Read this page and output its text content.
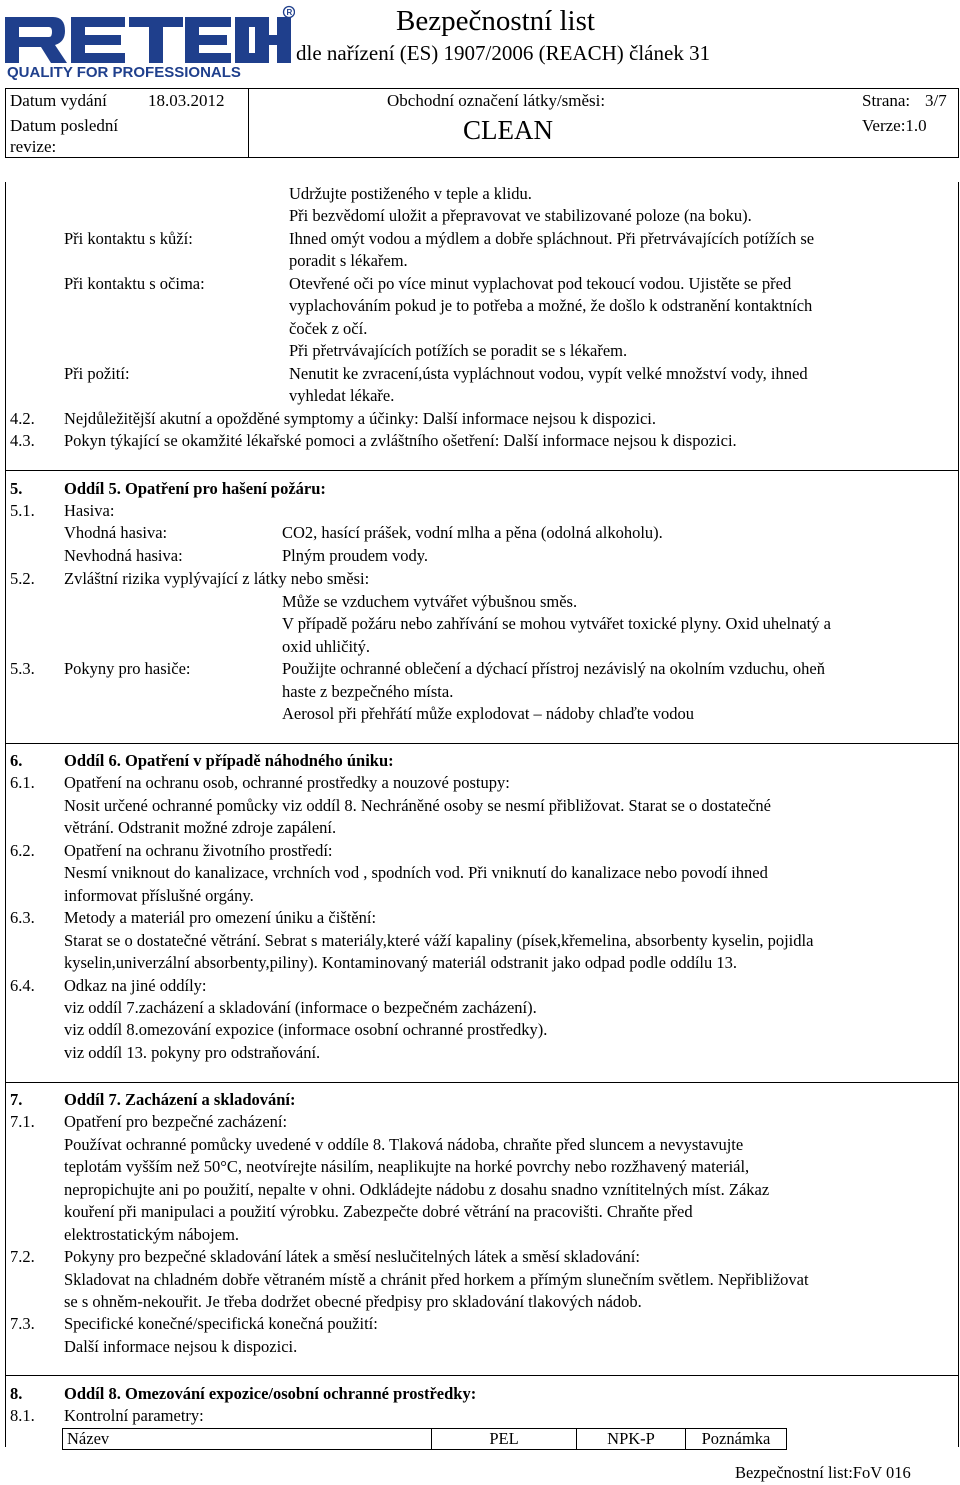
R
QUALITY FOR PROFESSIONALS
Bezpečnostní list
dle nařízení (ES) 1907/2006 (REACH) článek 31
Datum vydání 18.03.2012	Obchodní označení látky/směsi:	Strana: 3/7
Datum poslední
revize:
CLEAN	Verze:1.0
Udržujte postiženého v teple a klidu.
Při bezvědomí uložit a přepravovat ve stabilizované poloze (na boku).
Při kontaktu s kůží:	Ihned omýt vodou a mýdlem a dobře spláchnout. Při přetrvávajících potížích se
poradit s lékařem.
Při kontaktu s očima:	Otevřené oči po více minut vyplachovat pod tekoucí vodou. Ujistěte se před
vyplachováním pokud je to potřeba a možné, že došlo k odstranění kontaktních
čoček z očí.
Při přetrvávajících potížích se poradit se s lékařem.
Při požití:	Nenutit ke zvracení,ústa vypláchnout vodou, vypít velké množství vody, ihned
vyhledat lékaře.
4.2. Nejdůležitější akutní a opožděné symptomy a účinky: Další informace nejsou k dispozici.
4.3. Pokyn týkající se okamžité lékařské pomoci a zvláštního ošetření: Další informace nejsou k dispozici.
5.	Oddíl 5. Opatření pro hašení požáru:
5.1. Hasiva:
Vhodná hasiva:	CO2, hasící prášek, vodní mlha a pěna (odolná alkoholu).
Nevhodná hasiva:	Plným proudem vody.
5.2. Zvláštní rizika vyplývající z látky nebo směsi:
Může se vzduchem vytvářet výbušnou směs.
V případě požáru nebo zahřívání se mohou vytvářet toxické plyny. Oxid uhelnatý a
oxid uhličitý.
5.3. Pokyny pro hasiče:	Použijte ochranné oblečení a dýchací přístroj nezávislý na okolním vzduchu, oheň
haste z bezpečného místa.
Aerosol při přehřátí může explodovat – nádoby chlaďte vodou
6.	Oddíl 6. Opatření v případě náhodného úniku:
6.1. Opatření na ochranu osob, ochranné prostředky a nouzové postupy:
Nosit určené ochranné pomůcky viz oddíl 8. Nechráněné osoby se nesmí přibližovat. Starat se o dostatečné
větrání. Odstranit možné zdroje zapálení.
6.2. Opatření na ochranu životního prostředí:
Nesmí vniknout do kanalizace, vrchních vod , spodních vod. Při vniknutí do kanalizace nebo povodí ihned
informovat příslušné orgány.
6.3. Metody a materiál pro omezení úniku a čištění:
Starat se o dostatečné větrání. Sebrat s materiály,které váží kapaliny (písek,křemelina, absorbenty kyselin, pojidla
kyselin,univerzální absorbenty,piliny). Kontaminovaný materiál odstranit jako odpad podle oddílu 13.
6.4. Odkaz na jiné oddíly:
viz oddíl 7.zacházení a skladování (informace o bezpečném zacházení).
viz oddíl 8.omezování expozice (informace osobní ochranné prostředky).
viz oddíl 13. pokyny pro odstraňování.
7.	Oddíl 7. Zacházení a skladování:
7.1. Opatření pro bezpečné zacházení:
Používat ochranné pomůcky uvedené v oddíle 8. Tlaková nádoba, chraňte před sluncem a nevystavujte
teplotám vyšším než 50°C, neotvírejte násilím, neaplikujte na horké povrchy nebo rozžhavený materiál,
nepropichujte ani po použití, nepalte v ohni. Odkládejte nádobu z dosahu snadno vznítitelných míst. Zákaz
kouření při manipulaci a použití výrobku. Zabezpečte dobré větrání na pracovišti. Chraňte před
elektrostatickým nábojem.
7.2. Pokyny pro bezpečné skladování látek a směsí neslučitelných látek a směsí skladování:
Skladovat na chladném dobře větraném místě a chránit před horkem a přímým slunečním světlem. Nepřibližovat
se s ohněm-nekouřit. Je třeba dodržet obecné předpisy pro skladování tlakových nádob.
7.3. Specifické konečné/specifická konečná použití:
Další informace nejsou k dispozici.
8.	Oddíl 8. Omezování expozice/osobní ochranné prostředky:
8.1. Kontrolní parametry:
Název	PEL	NPK-P	Poznámka
Bezpečnostní list:FoV 016
